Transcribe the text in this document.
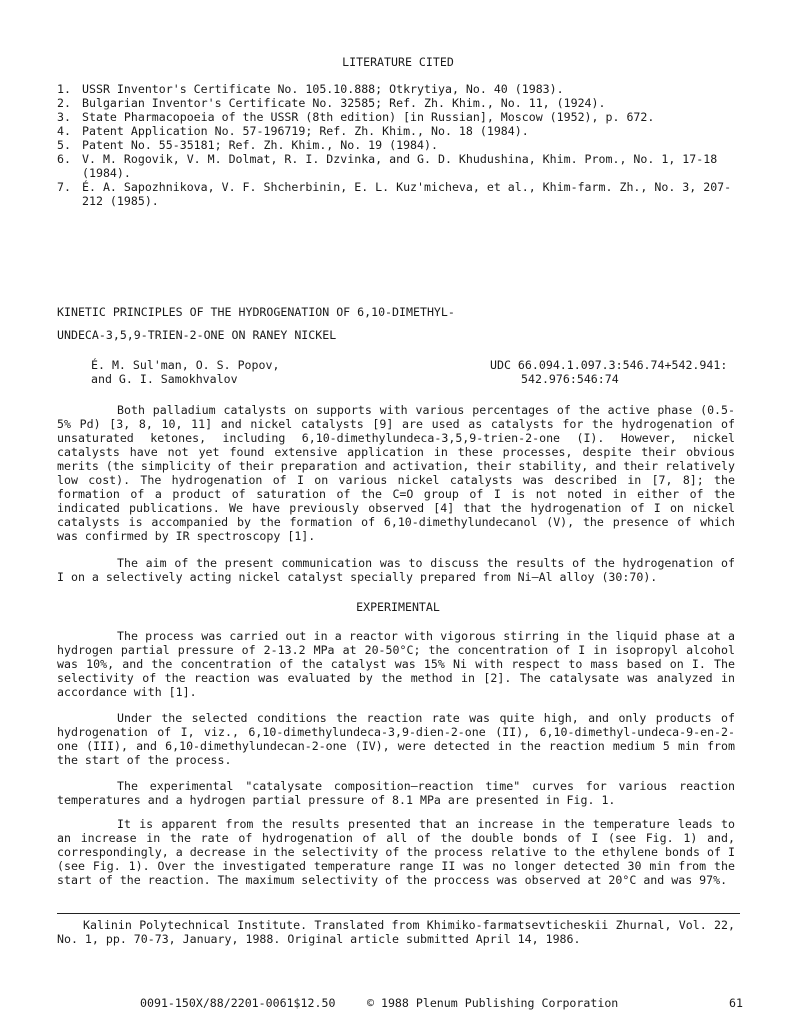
LITERATURE CITED
1. USSR Inventor's Certificate No. 105.10.888; Otkrytiya, No. 40 (1983).
2. Bulgarian Inventor's Certificate No. 32585; Ref. Zh. Khim., No. 11, (1924).
3. State Pharmacopoeia of the USSR (8th edition) [in Russian], Moscow (1952), p. 672.
4. Patent Application No. 57-196719; Ref. Zh. Khim., No. 18 (1984).
5. Patent No. 55-35181; Ref. Zh. Khim., No. 19 (1984).
6. V. M. Rogovik, V. M. Dolmat, R. I. Dzvinka, and G. D. Khudushina, Khim. Prom., No. 1, 17-18 (1984).
7. É. A. Sapozhnikova, V. F. Shcherbinin, E. L. Kuz'micheva, et al., Khim-farm. Zh., No. 3, 207-212 (1985).
KINETIC PRINCIPLES OF THE HYDROGENATION OF 6,10-DIMETHYL-
UNDECA-3,5,9-TRIEN-2-ONE ON RANEY NICKEL
É. M. Sul'man, O. S. Popov,
and G. I. Samokhvalov
UDC 66.094.1.097.3:546.74+542.941:
542.976:546:74
Both palladium catalysts on supports with various percentages of the active phase (0.5-5% Pd) [3, 8, 10, 11] and nickel catalysts [9] are used as catalysts for the hydrogenation of unsaturated ketones, including 6,10-dimethylundeca-3,5,9-trien-2-one (I). However, nickel catalysts have not yet found extensive application in these processes, despite their obvious merits (the simplicity of their preparation and activation, their stability, and their relatively low cost). The hydrogenation of I on various nickel catalysts was described in [7, 8]; the formation of a product of saturation of the C=O group of I is not noted in either of the indicated publications. We have previously observed [4] that the hydrogenation of I on nickel catalysts is accompanied by the formation of 6,10-dimethylundecanol (V), the presence of which was confirmed by IR spectroscopy [1].
The aim of the present communication was to discuss the results of the hydrogenation of I on a selectively acting nickel catalyst specially prepared from Ni—Al alloy (30:70).
EXPERIMENTAL
The process was carried out in a reactor with vigorous stirring in the liquid phase at a hydrogen partial pressure of 2-13.2 MPa at 20-50°C; the concentration of I in isopropyl alcohol was 10%, and the concentration of the catalyst was 15% Ni with respect to mass based on I. The selectivity of the reaction was evaluated by the method in [2]. The catalysate was analyzed in accordance with [1].
Under the selected conditions the reaction rate was quite high, and only products of hydrogenation of I, viz., 6,10-dimethylundeca-3,9-dien-2-one (II), 6,10-dimethyl-undeca-9-en-2-one (III), and 6,10-dimethylundecan-2-one (IV), were detected in the reaction medium 5 min from the start of the process.
The experimental "catalysate composition—reaction time" curves for various reaction temperatures and a hydrogen partial pressure of 8.1 MPa are presented in Fig. 1.
It is apparent from the results presented that an increase in the temperature leads to an increase in the rate of hydrogenation of all of the double bonds of I (see Fig. 1) and, correspondingly, a decrease in the selectivity of the process relative to the ethylene bonds of I (see Fig. 1). Over the investigated temperature range II was no longer detected 30 min from the start of the reaction. The maximum selectivity of the proccess was observed at 20°C and was 97%.
Kalinin Polytechnical Institute. Translated from Khimiko-farmatsevticheskii Zhurnal, Vol. 22, No. 1, pp. 70-73, January, 1988. Original article submitted April 14, 1986.
0091-150X/88/2201-0061$12.50	© 1988 Plenum Publishing Corporation	61
